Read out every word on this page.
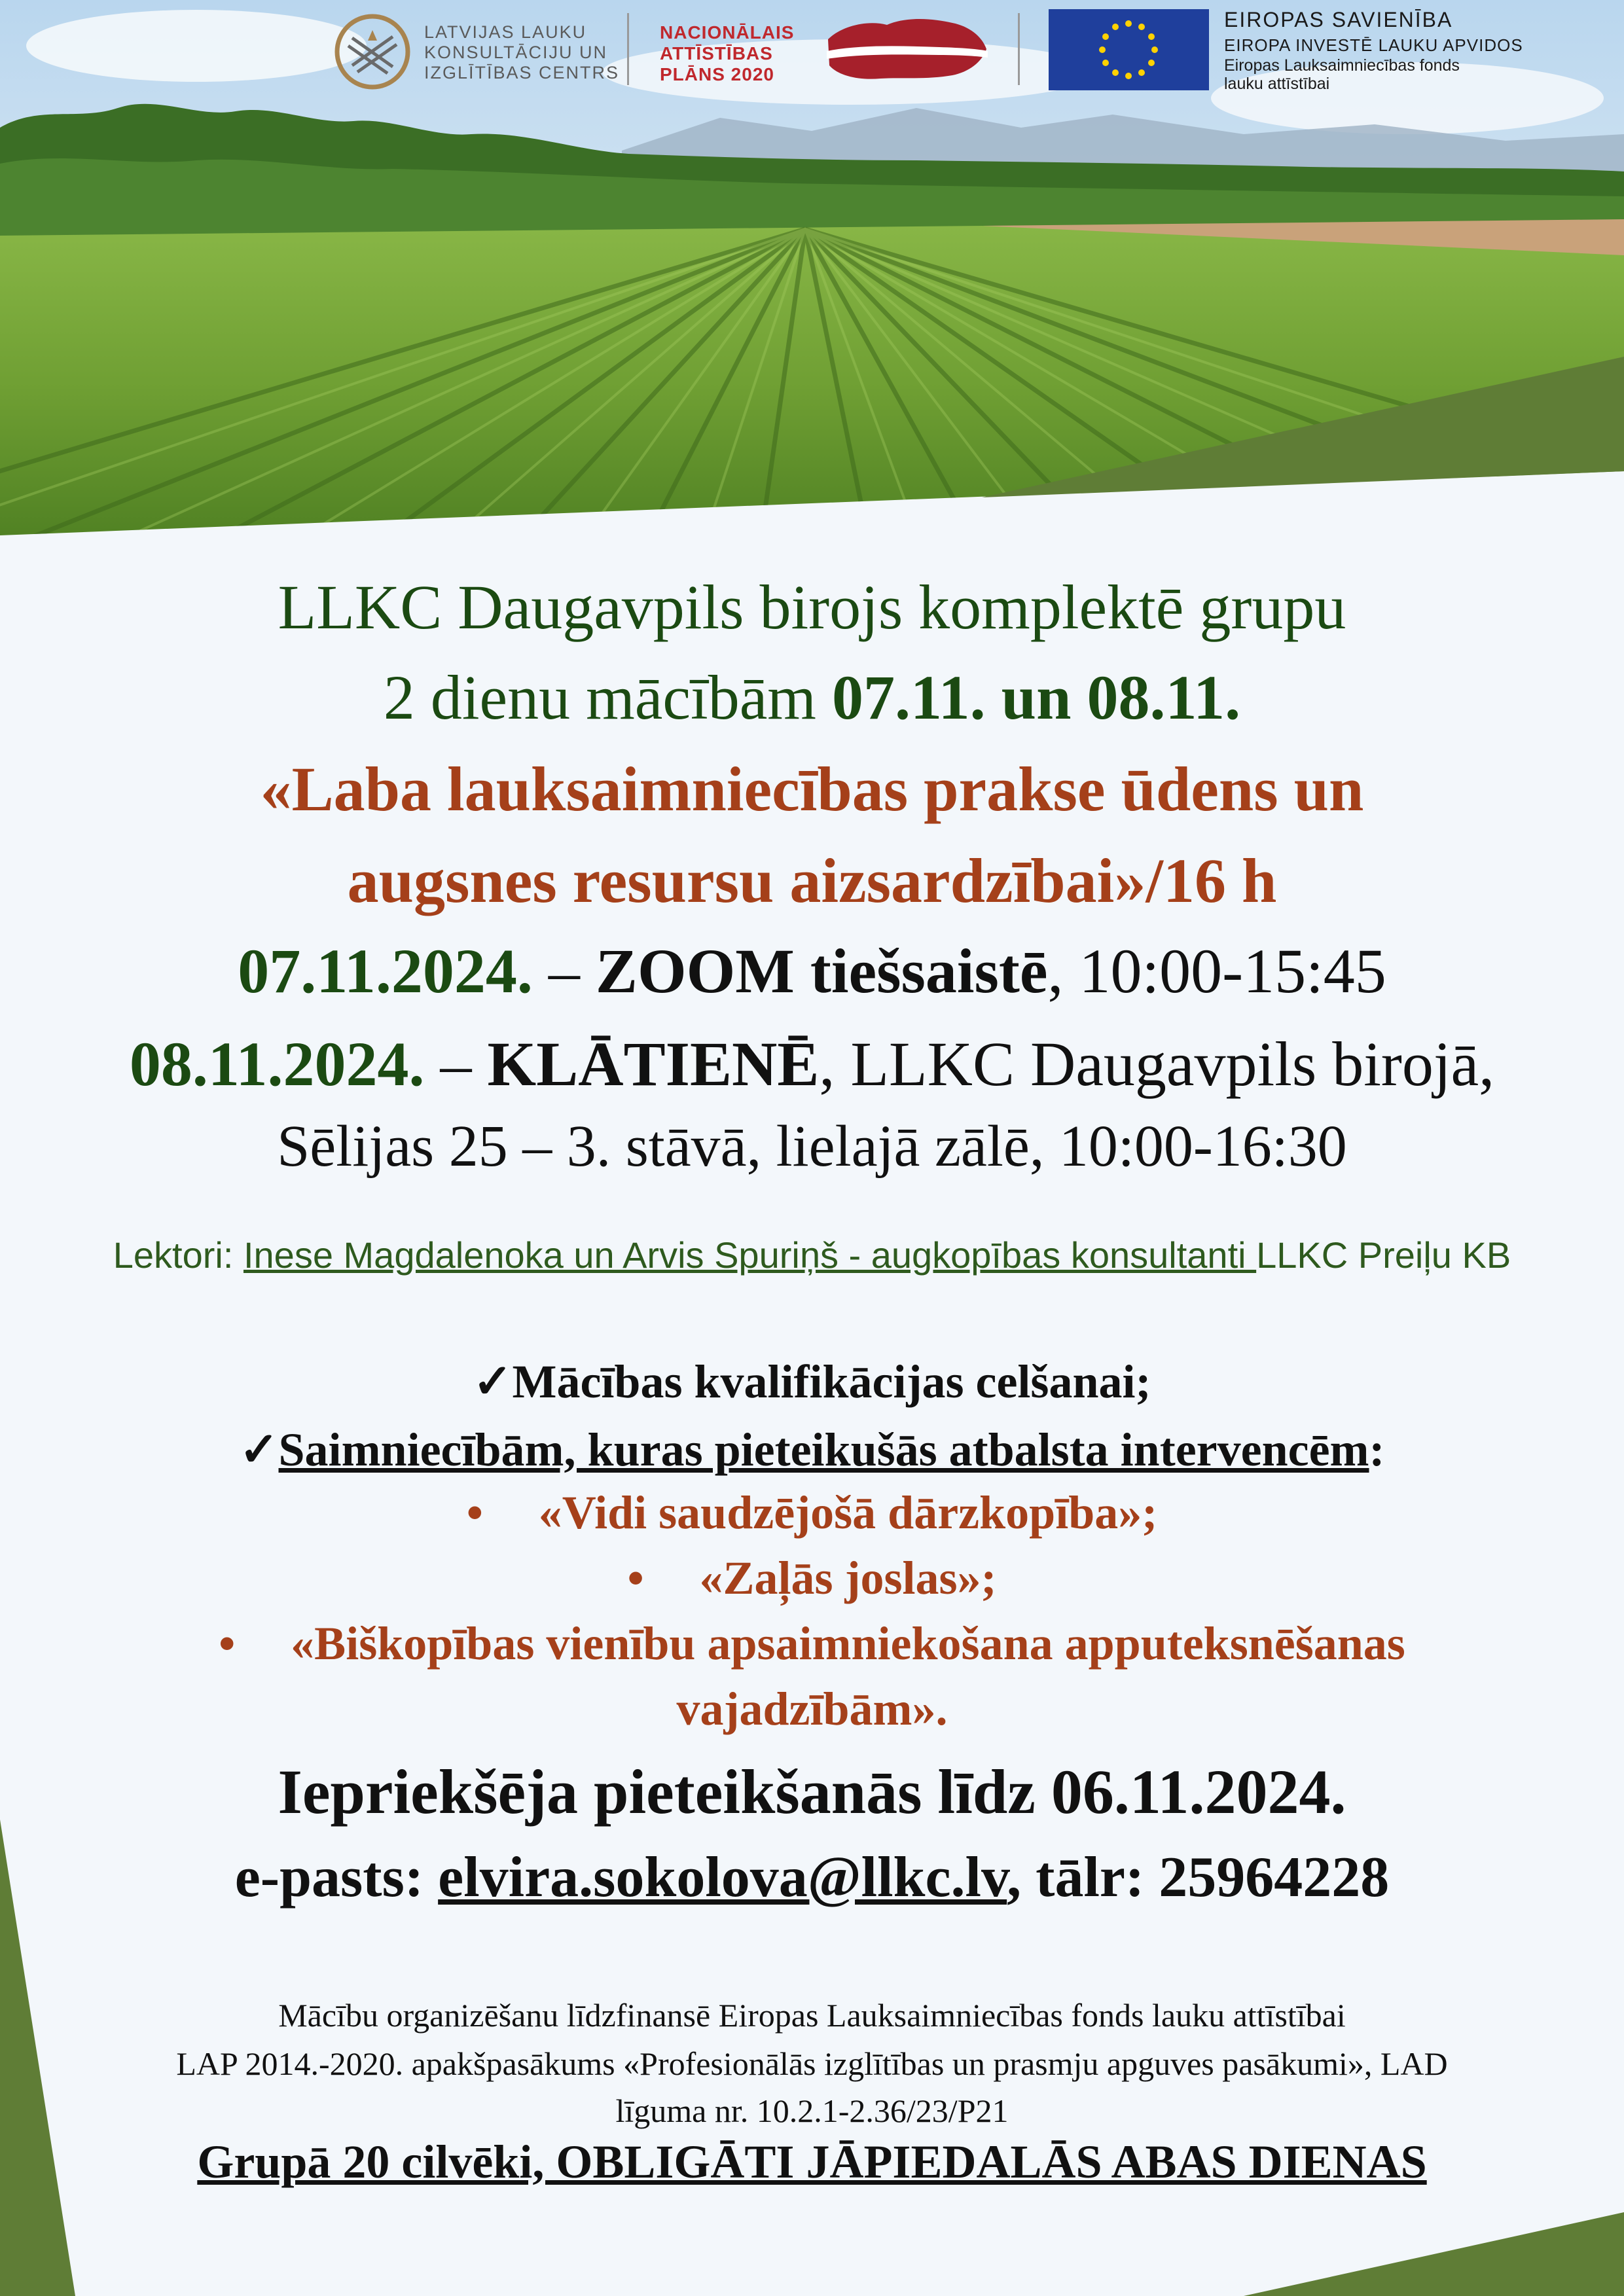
LATVIJAS LAUKU
KONSULTĀCIJU UN
IZGLĪTĪBAS CENTRS
NACIONĀLAIS
ATTĪSTĪBAS
PLĀNS 2020
EIROPAS SAVIENĪBA
EIROPA INVESTĒ LAUKU APVIDOS
Eiropas Lauksaimniecības fonds
lauku attīstībai
LLKC Daugavpils birojs komplektē grupu
2 dienu mācībām 07.11. un 08.11.
«Laba lauksaimniecības prakse ūdens un
augsnes resursu aizsardzībai»/16 h
07.11.2024. – ZOOM tiešsaistē, 10:00-15:45
08.11.2024. – KLĀTIENĒ, LLKC Daugavpils birojā,
Sēlijas 25 – 3. stāvā, lielajā zālē, 10:00-16:30
Lektori: Inese Magdalenoka un Arvis Spuriņš - augkopības konsultanti LLKC Preiļu KB
✓Mācības kvalifikācijas celšanai;
✓Saimniecībām, kuras pieteikušās atbalsta intervencēm:
• «Vidi saudzējošā dārzkopība»;
• «Zaļās joslas»;
• «Biškopības vienību apsaimniekošana apputeksnēšanas
vajadzībām».
Iepriekšēja pieteikšanās līdz 06.11.2024.
e-pasts: elvira.sokolova@llkc.lv, tālr: 25964228
Mācību organizēšanu līdzfinansē Eiropas Lauksaimniecības fonds lauku attīstībai
LAP 2014.-2020. apakšpasākums «Profesionālās izglītības un prasmju apguves pasākumi», LAD
līguma nr. 10.2.1-2.36/23/P21
Grupā 20 cilvēki, OBLIGĀTI JĀPIEDALĀS ABAS DIENAS
